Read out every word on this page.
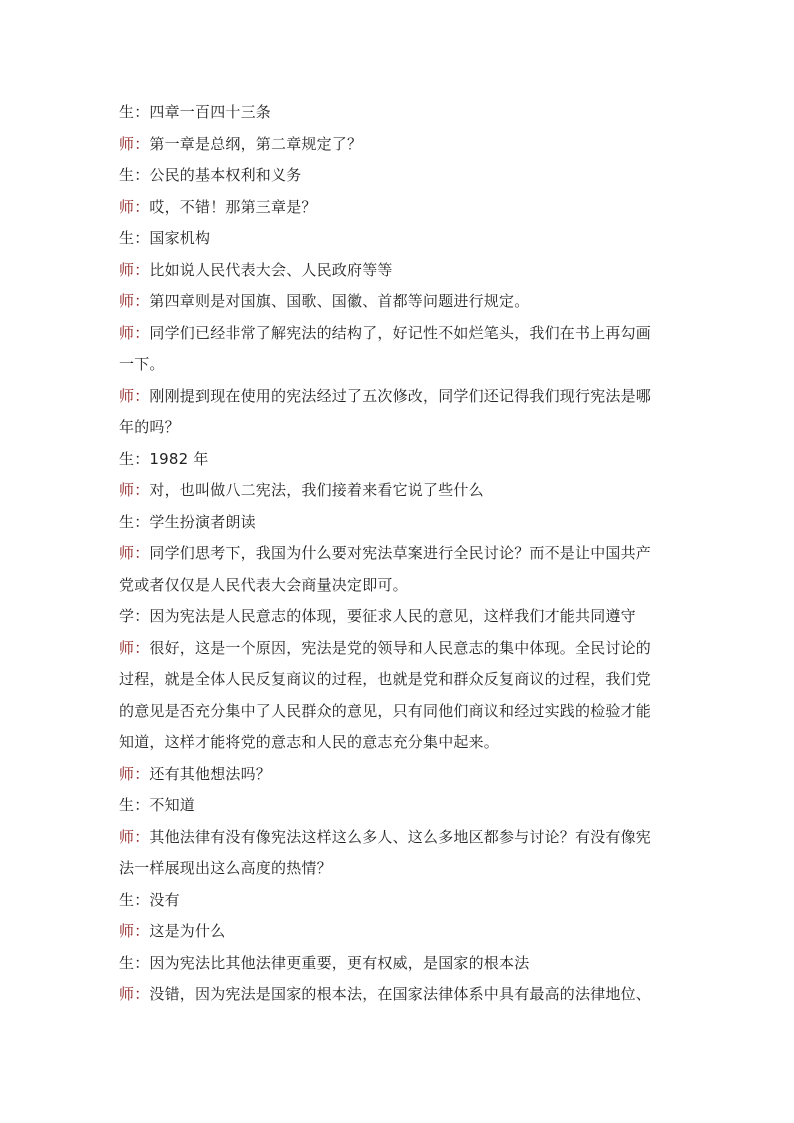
生：四章一百四十三条
师：第一章是总纲，第二章规定了？
生：公民的基本权利和义务
师：哎，不错！那第三章是？
生：国家机构
师：比如说人民代表大会、人民政府等等
师：第四章则是对国旗、国歌、国徽、首都等问题进行规定。
师：同学们已经非常了解宪法的结构了，好记性不如烂笔头，我们在书上再勾画
一下。
师：刚刚提到现在使用的宪法经过了五次修改，同学们还记得我们现行宪法是哪
年的吗？
生：1982 年
师：对，也叫做八二宪法，我们接着来看它说了些什么
生：学生扮演者朗读
师：同学们思考下，我国为什么要对宪法草案进行全民讨论？而不是让中国共产
党或者仅仅是人民代表大会商量决定即可。
学：因为宪法是人民意志的体现，要征求人民的意见，这样我们才能共同遵守
师：很好，这是一个原因，宪法是党的领导和人民意志的集中体现。全民讨论的
过程，就是全体人民反复商议的过程，也就是党和群众反复商议的过程，我们党
的意见是否充分集中了人民群众的意见，只有同他们商议和经过实践的检验才能
知道，这样才能将党的意志和人民的意志充分集中起来。
师：还有其他想法吗？
生：不知道
师：其他法律有没有像宪法这样这么多人、这么多地区都参与讨论？有没有像宪
法一样展现出这么高度的热情？
生：没有
师：这是为什么
生：因为宪法比其他法律更重要，更有权威，是国家的根本法
师：没错，因为宪法是国家的根本法，在国家法律体系中具有最高的法律地位、
